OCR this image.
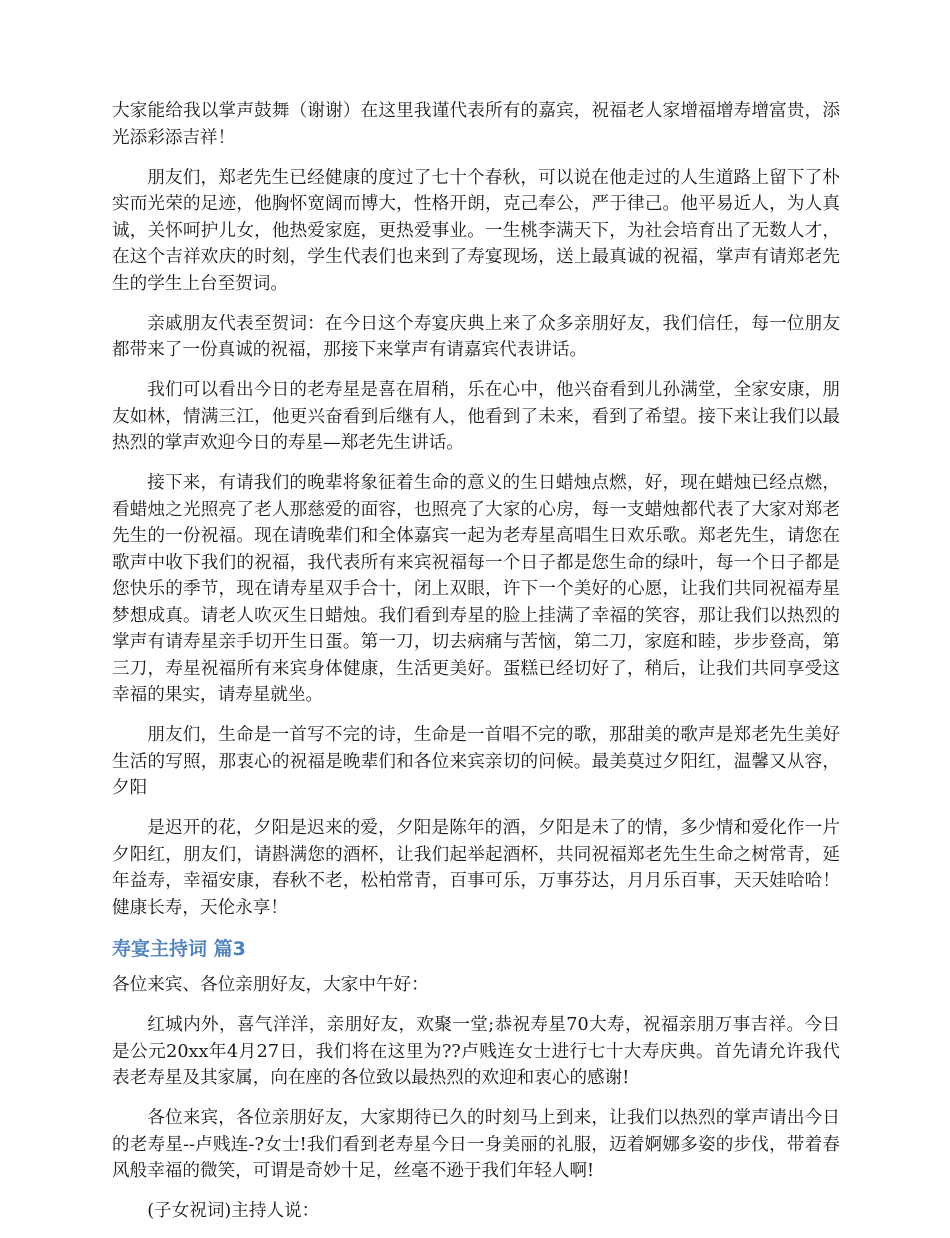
大家能给我以掌声鼓舞（谢谢）在这里我谨代表所有的嘉宾，祝福老人家增福增寿增富贵，添光添彩添吉祥！

朋友们，郑老先生已经健康的度过了七十个春秋，可以说在他走过的人生道路上留下了朴实而光荣的足迹，他胸怀宽阔而博大，性格开朗，克己奉公，严于律己。他平易近人，为人真诚，关怀呵护儿女，他热爱家庭，更热爱事业。一生桃李满天下，为社会培育出了无数人才，在这个吉祥欢庆的时刻，学生代表们也来到了寿宴现场，送上最真诚的祝福，掌声有请郑老先生的学生上台至贺词。

亲戚朋友代表至贺词：在今日这个寿宴庆典上来了众多亲朋好友，我们信任，每一位朋友都带来了一份真诚的祝福，那接下来掌声有请嘉宾代表讲话。

我们可以看出今日的老寿星是喜在眉稍，乐在心中，他兴奋看到儿孙满堂，全家安康，朋友如林，情满三江，他更兴奋看到后继有人，他看到了未来，看到了希望。接下来让我们以最热烈的掌声欢迎今日的寿星—郑老先生讲话。

接下来，有请我们的晚辈将象征着生命的意义的生日蜡烛点燃，好，现在蜡烛已经点燃，看蜡烛之光照亮了老人那慈爱的面容，也照亮了大家的心房，每一支蜡烛都代表了大家对郑老先生的一份祝福。现在请晚辈们和全体嘉宾一起为老寿星高唱生日欢乐歌。郑老先生，请您在歌声中收下我们的祝福，我代表所有来宾祝福每一个日子都是您生命的绿叶，每一个日子都是您快乐的季节，现在请寿星双手合十，闭上双眼，许下一个美好的心愿，让我们共同祝福寿星梦想成真。请老人吹灭生日蜡烛。我们看到寿星的脸上挂满了幸福的笑容，那让我们以热烈的掌声有请寿星亲手切开生日蛋。第一刀，切去病痛与苦恼，第二刀，家庭和睦，步步登高，第三刀，寿星祝福所有来宾身体健康，生活更美好。蛋糕已经切好了，稍后，让我们共同享受这幸福的果实，请寿星就坐。

朋友们，生命是一首写不完的诗，生命是一首唱不完的歌，那甜美的歌声是郑老先生美好生活的写照，那衷心的祝福是晚辈们和各位来宾亲切的问候。最美莫过夕阳红，温馨又从容，夕阳

是迟开的花，夕阳是迟来的爱，夕阳是陈年的酒，夕阳是未了的情，多少情和爱化作一片夕阳红，朋友们，请斟满您的酒杯，让我们起举起酒杯，共同祝福郑老先生生命之树常青，延年益寿，幸福安康，春秋不老，松柏常青，百事可乐，万事芬达，月月乐百事，天天娃哈哈！健康长寿，天伦永享！

寿宴主持词 篇3

各位来宾、各位亲朋好友，大家中午好：

红城内外，喜气洋洋，亲朋好友，欢聚一堂;恭祝寿星70大寿，祝福亲朋万事吉祥。今日是公元20xx年4月27日，我们将在这里为??卢贱连女士进行七十大寿庆典。首先请允许我代表老寿星及其家属，向在座的各位致以最热烈的欢迎和衷心的感谢!

各位来宾，各位亲朋好友，大家期待已久的时刻马上到来，让我们以热烈的掌声请出今日的老寿星--卢贱连-?女士!我们看到老寿星今日一身美丽的礼服，迈着婀娜多姿的步伐，带着春风般幸福的微笑，可谓是奇妙十足，丝毫不逊于我们年轻人啊!

(子女祝词)主持人说：
